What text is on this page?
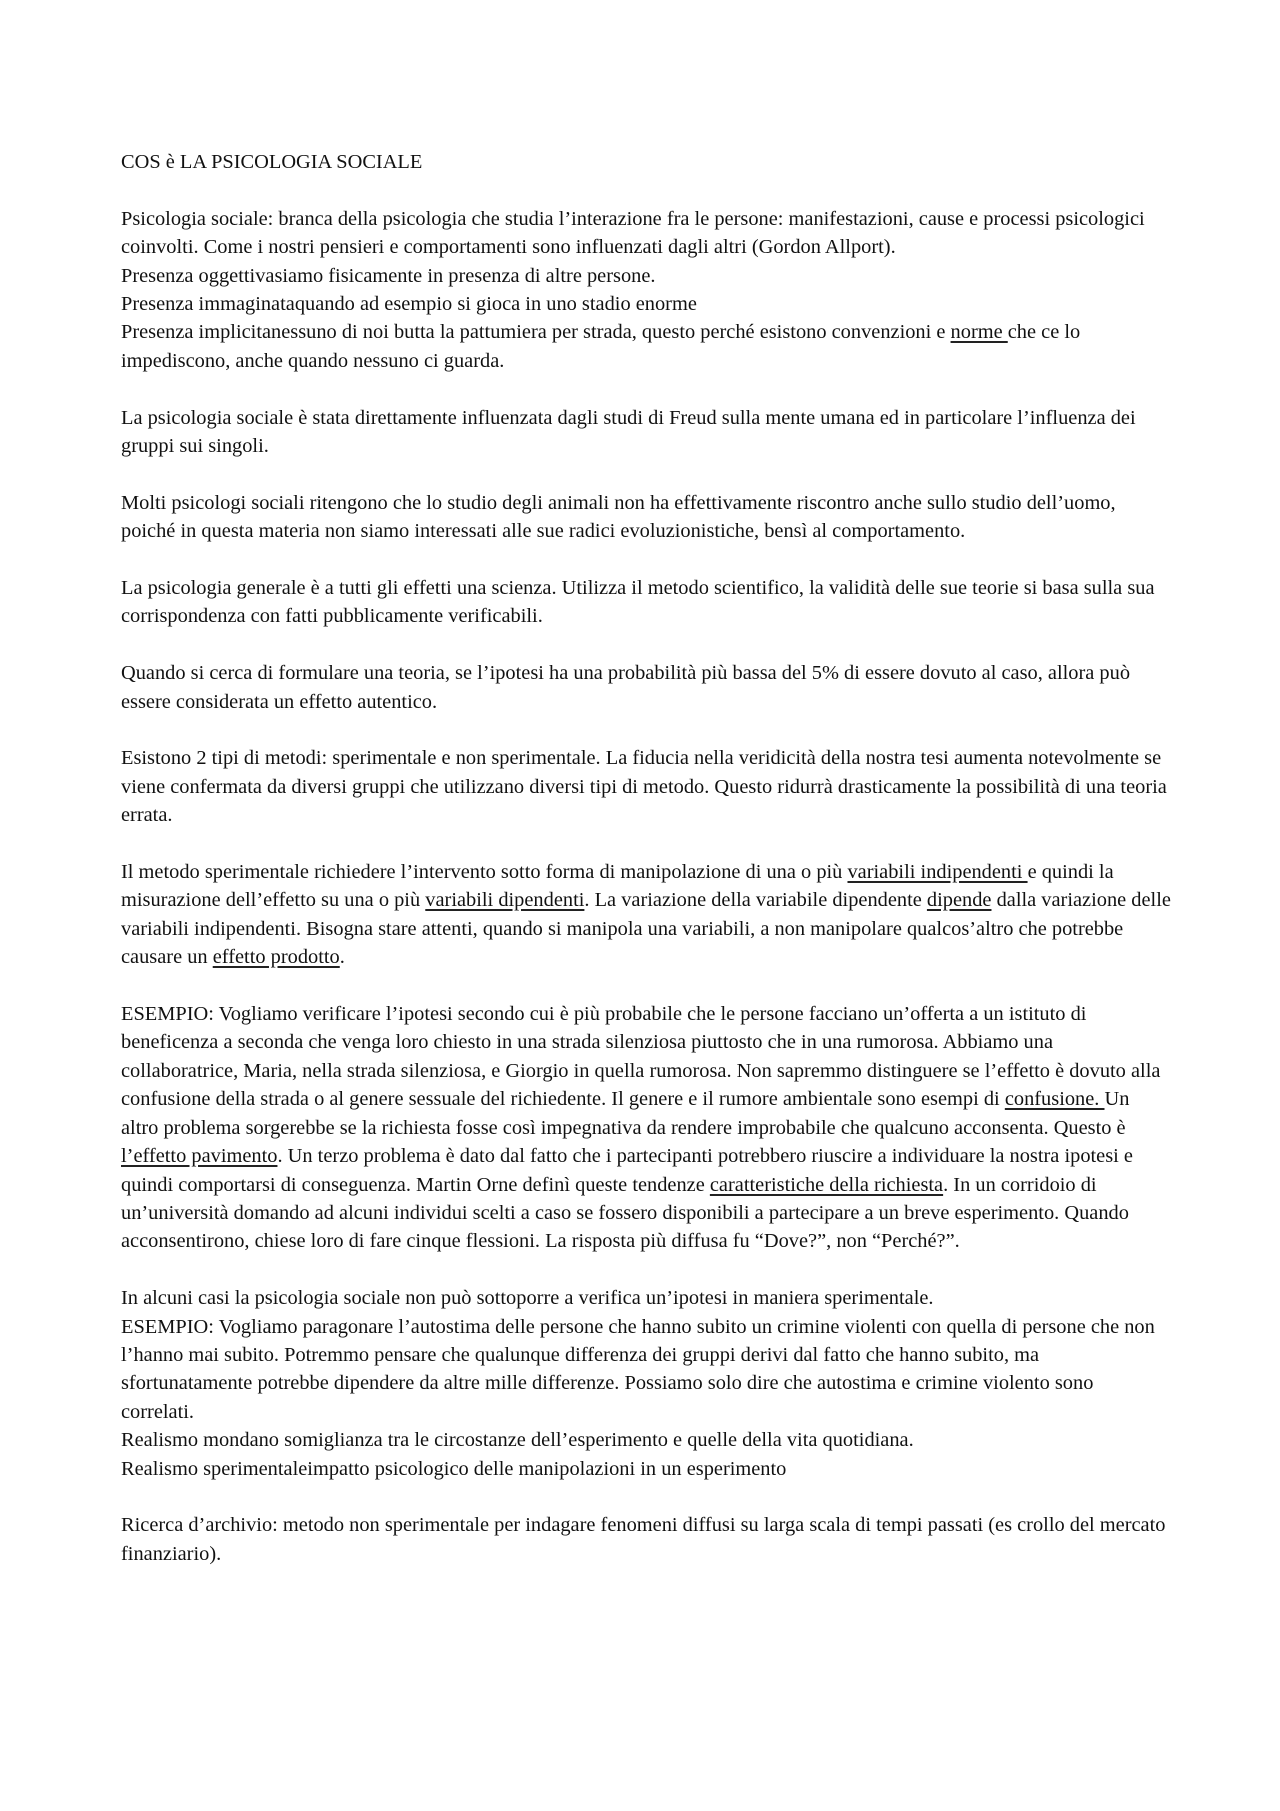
COS è LA PSICOLOGIA SOCIALE
Psicologia sociale: branca della psicologia che studia l’interazione fra le persone: manifestazioni, cause e processi psicologici coinvolti. Come i nostri pensieri e comportamenti sono influenzati dagli altri (Gordon Allport).
Presenza oggettivasiamo fisicamente in presenza di altre persone.
Presenza immaginataquando ad esempio si gioca in uno stadio enorme
Presenza implicitanessuno di noi butta la pattumiera per strada, questo perché esistono convenzioni e norme che ce lo impediscono, anche quando nessuno ci guarda.
La psicologia sociale è stata direttamente influenzata dagli studi di Freud sulla mente umana ed in particolare l’influenza dei gruppi sui singoli.
Molti psicologi sociali ritengono che lo studio degli animali non ha effettivamente riscontro anche sullo studio dell’uomo, poiché in questa materia non siamo interessati alle sue radici evoluzionistiche, bensì al comportamento.
La psicologia generale è a tutti gli effetti una scienza. Utilizza il metodo scientifico, la validità delle sue teorie si basa sulla sua corrispondenza con fatti pubblicamente verificabili.
Quando si cerca di formulare una teoria, se l’ipotesi ha una probabilità più bassa del 5% di essere dovuto al caso, allora può essere considerata un effetto autentico.
Esistono 2 tipi di metodi: sperimentale e non sperimentale. La fiducia nella veridicità della nostra tesi aumenta notevolmente se viene confermata da diversi gruppi che utilizzano diversi tipi di metodo. Questo ridurrà drasticamente la possibilità di una teoria errata.
Il metodo sperimentale richiedere l’intervento sotto forma di manipolazione di una o più variabili indipendenti e quindi la misurazione dell’effetto su una o più variabili dipendenti. La variazione della variabile dipendente dipende dalla variazione delle variabili indipendenti. Bisogna stare attenti, quando si manipola una variabili, a non manipolare qualcos’altro che potrebbe causare un effetto prodotto.
ESEMPIO: Vogliamo verificare l’ipotesi secondo cui è più probabile che le persone facciano un’offerta a un istituto di beneficenza a seconda che venga loro chiesto in una strada silenziosa piuttosto che in una rumorosa. Abbiamo una collaboratrice, Maria, nella strada silenziosa, e Giorgio in quella rumorosa. Non sapremmo distinguere se l’effetto è dovuto alla confusione della strada o al genere sessuale del richiedente. Il genere e il rumore ambientale sono esempi di confusione. Un altro problema sorgerebbe se la richiesta fosse così impegnativa da rendere improbabile che qualcuno acconsenta. Questo è l’effetto pavimento. Un terzo problema è dato dal fatto che i partecipanti potrebbero riuscire a individuare la nostra ipotesi e quindi comportarsi di conseguenza. Martin Orne definì queste tendenze caratteristiche della richiesta. In un corridoio di un’università domando ad alcuni individui scelti a caso se fossero disponibili a partecipare a un breve esperimento. Quando acconsentirono, chiese loro di fare cinque flessioni. La risposta più diffusa fu “Dove?”, non “Perché?”.
In alcuni casi la psicologia sociale non può sottoporre a verifica un’ipotesi in maniera sperimentale.
ESEMPIO: Vogliamo paragonare l’autostima delle persone che hanno subito un crimine violenti con quella di persone che non l’hanno mai subito. Potremmo pensare che qualunque differenza dei gruppi derivi dal fatto che hanno subito, ma sfortunatamente potrebbe dipendere da altre mille differenze. Possiamo solo dire che autostima e crimine violento sono correlati.
Realismo mondano somiglianza tra le circostanze dell’esperimento e quelle della vita quotidiana.
Realismo sperimentaleimpatto psicologico delle manipolazioni in un esperimento
Ricerca d’archivio: metodo non sperimentale per indagare fenomeni diffusi su larga scala di tempi passati (es crollo del mercato finanziario).
